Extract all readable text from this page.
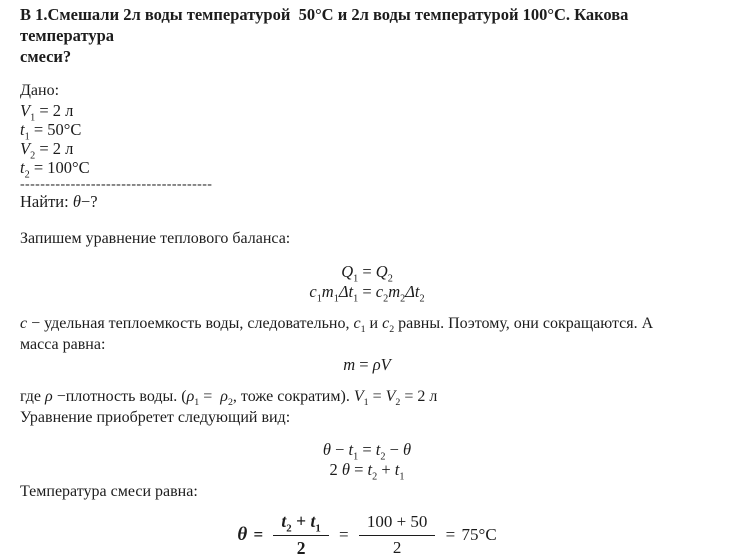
В 1.Смешали 2л воды температурой  50°С и 2л воды температурой 100°С. Какова температура
смеси?
Дано:
$V_1 = 2$ л
$t_1 = 50^\circ С$
$V_2 = 2$ л
$t_2 = 100^\circ С$
--------------------------------------
Найти: θ−?
Запишем уравнение теплового баланса:
$Q_1 = Q_2$
$c_1m_1\Delta t_1 = c_2m_2\Delta t_2$
c − удельная теплоемкость воды, следовательно, $c_1$ и $c_2$ равны. Поэтому, они сокращаются. А
масса равна:
m = ρV
где ρ −плотность воды. ($\rho_1 = \rho_2$, тоже сократим). $V_1 = V_2 = 2$ л
Уравнение приобретет следующий вид:
$\theta - t_1 = t_2 - \theta$
2 $\theta = t_2 + t_1$
Температура смеси равна:
$\theta = \frac{t_2 + t_1}{2} = \frac{100 + 50}{2} = 75^\circ С$
